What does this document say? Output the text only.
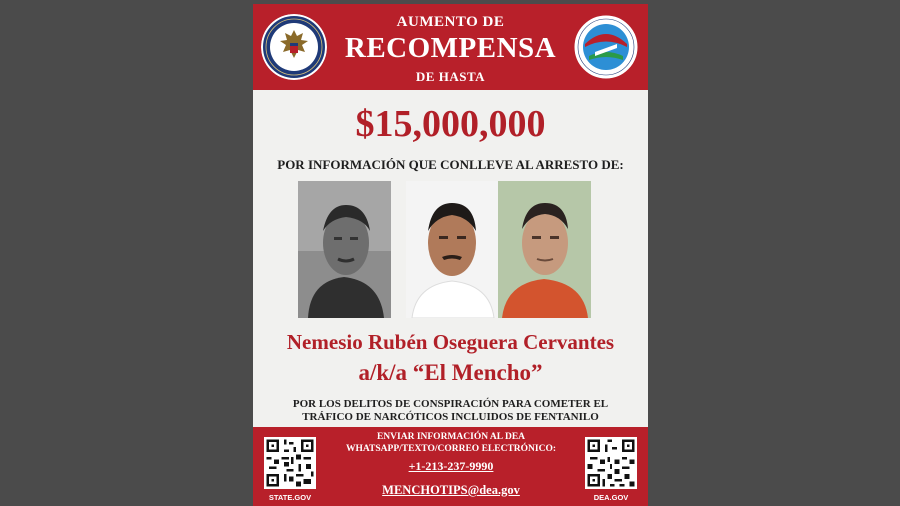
AUMENTO DE

RECOMPENSA

DE HASTA

$15,000,000

POR INFORMACIÓN QUE CONLLEVE AL ARRESTO DE:

Nemesio Rubén Oseguera Cervantes

a/k/a “El Mencho”

POR LOS DELITOS DE CONSPIRACIÓN PARA COMETER EL
TRÁFICO DE NARCÓTICOS INCLUIDOS DE FENTANILO

STATE.GOV

ENVIAR INFORMACIÓN AL DEA
WHATSAPP/TEXTO/CORREO ELECTRÓNICO:

+1-213-237-9990

MENCHOTIPS@dea.gov

DEA.GOV
